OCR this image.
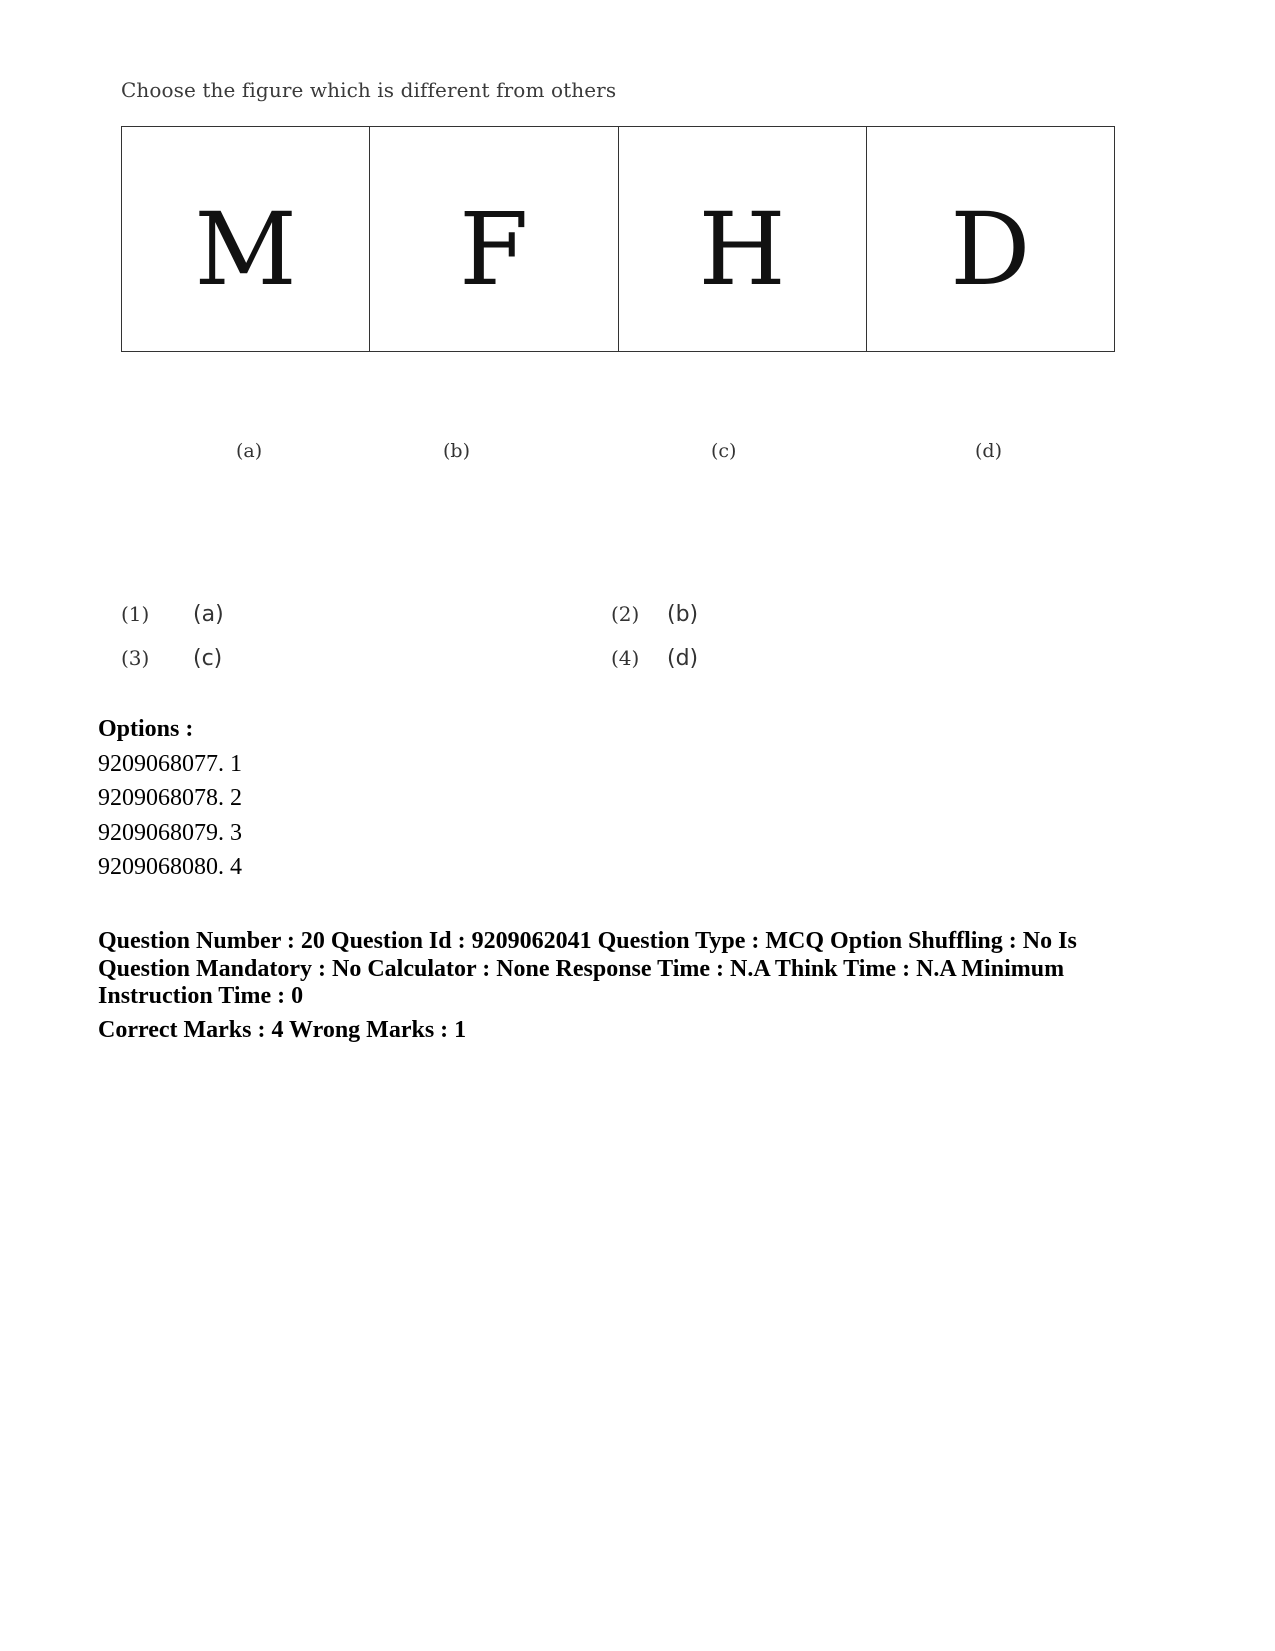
Choose the figure which is different from others
M F H D
(a)	(b)	(c)	(d)
(1)	(a)	(2)	(b)
(3)	(c)	(4)	(d)
Options :
9209068077. 1
9209068078. 2
9209068079. 3
9209068080. 4
Question Number : 20 Question Id : 9209062041 Question Type : MCQ Option Shuffling : No Is Question Mandatory : No Calculator : None Response Time : N.A Think Time : N.A Minimum Instruction Time : 0
Correct Marks : 4 Wrong Marks : 1
